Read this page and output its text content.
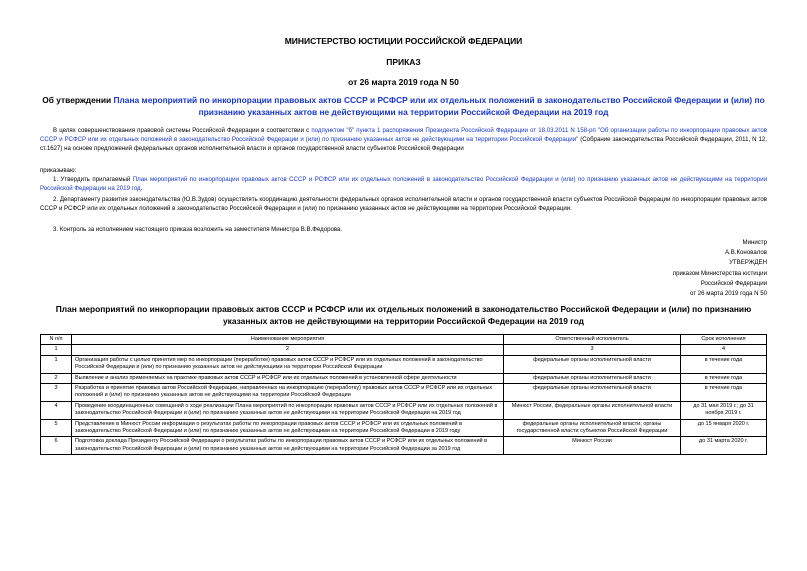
МИНИСТЕРСТВО ЮСТИЦИИ РОССИЙСКОЙ ФЕДЕРАЦИИ
ПРИКАЗ
от 26 марта 2019 года N 50
Об утверждении Плана мероприятий по инкорпорации правовых актов СССР и РСФСР или их отдельных положений в законодательство Российской Федерации и (или) по признанию указанных актов не действующими на территории Российской Федерации на 2019 год
В целях совершенствования правовой системы Российской Федерации в соответствии с подпунктом "б" пункта 1 распоряжения Президента Российской Федерации от 18.03.2011 N 158-рп "Об организации работы по инкорпорации правовых актов СССР и РСФСР или их отдельных положений в законодательство Российской Федерации и (или) по признанию указанных актов не действующими на территории Российской Федерации" (Собрание законодательства Российской Федерации, 2011, N 12, ст.1627) на основе предложений федеральных органов исполнительной власти и органов государственной власти субъектов Российской Федерации
приказываю:
1. Утвердить прилагаемый План мероприятий по инкорпорации правовых актов СССР и РСФСР или их отдельных положений в законодательство Российской Федерации и (или) по признанию указанных актов не действующими на территории Российской Федерации на 2019 год.
2. Департаменту развития законодательства (Ю.В.Зудов) осуществлять координацию деятельности федеральных органов исполнительной власти и органов государственной власти субъектов Российской Федерации по инкорпорации правовых актов СССР и РСФСР или их отдельных положений в законодательство Российской Федерации и (или) по признанию указанных актов не действующими на территории Российской Федерации.
3. Контроль за исполнением настоящего приказа возложить на заместителя Министра В.В.Федорова.
Министр
А.В.Коновалов
УТВЕРЖДЕН
приказом Министерства юстиции
Российской Федерации
от 26 марта 2019 года N 50
План мероприятий по инкорпорации правовых актов СССР и РСФСР или их отдельных положений в законодательство Российской Федерации и (или) по признанию указанных актов не действующими на территории Российской Федерации на 2019 год
N п/п	Наименование мероприятия	Ответственный исполнитель	Срок исполнения
1	2	3	4
1	Организация работы с целью принятия мер по инкорпорации (переработке) правовых актов СССР и РСФСР или их отдельных положений в законодательство Российской Федерации и (или) по признанию указанных актов не действующими на территории Российской Федерации	федеральные органы исполнительной власти	в течение года
2	Выявление и анализ применяемых на практике правовых актов СССР и РСФСР или их отдельных положений в установленной сфере деятельности	федеральные органы исполнительной власти	в течение года
3	Разработка и принятие правовых актов Российской Федерации, направленных на инкорпорацию (переработку) правовых актов СССР и РСФСР или их отдельных положений и (или) по признанию указанных актов не действующими на территории Российской Федерации	федеральные органы исполнительной власти	в течение года
4	Проведение координационных совещаний о ходе реализации Плана мероприятий по инкорпорации правовых актов СССР и РСФСР или их отдельных положений в законодательство Российской Федерации и (или) по признанию указанных актов не действующими на территории Российской Федерации на 2019 год	Минюст России, федеральные органы исполнительной власти	до 31 мая 2019 г.; до 31 ноября 2019 г.
5	Представление в Минюст России информации о результатах работы по инкорпорации правовых актов СССР и РСФСР или их отдельных положений в законодательство Российской Федерации и (или) по признанию указанных актов не действующими на территории Российской Федерации в 2019 году	федеральные органы исполнительной власти, органы государственной власти субъектов Российской Федерации	до 15 января 2020 г.
6	Подготовка доклада Президенту Российской Федерации о результатах работы по инкорпорации правовых актов СССР и РСФСР или их отдельных положений в законодательство Российской Федерации и (или) по признанию указанных актов не действующими на территории Российской Федерации за 2019 год	Минюст России	до 31 марта 2020 г.
